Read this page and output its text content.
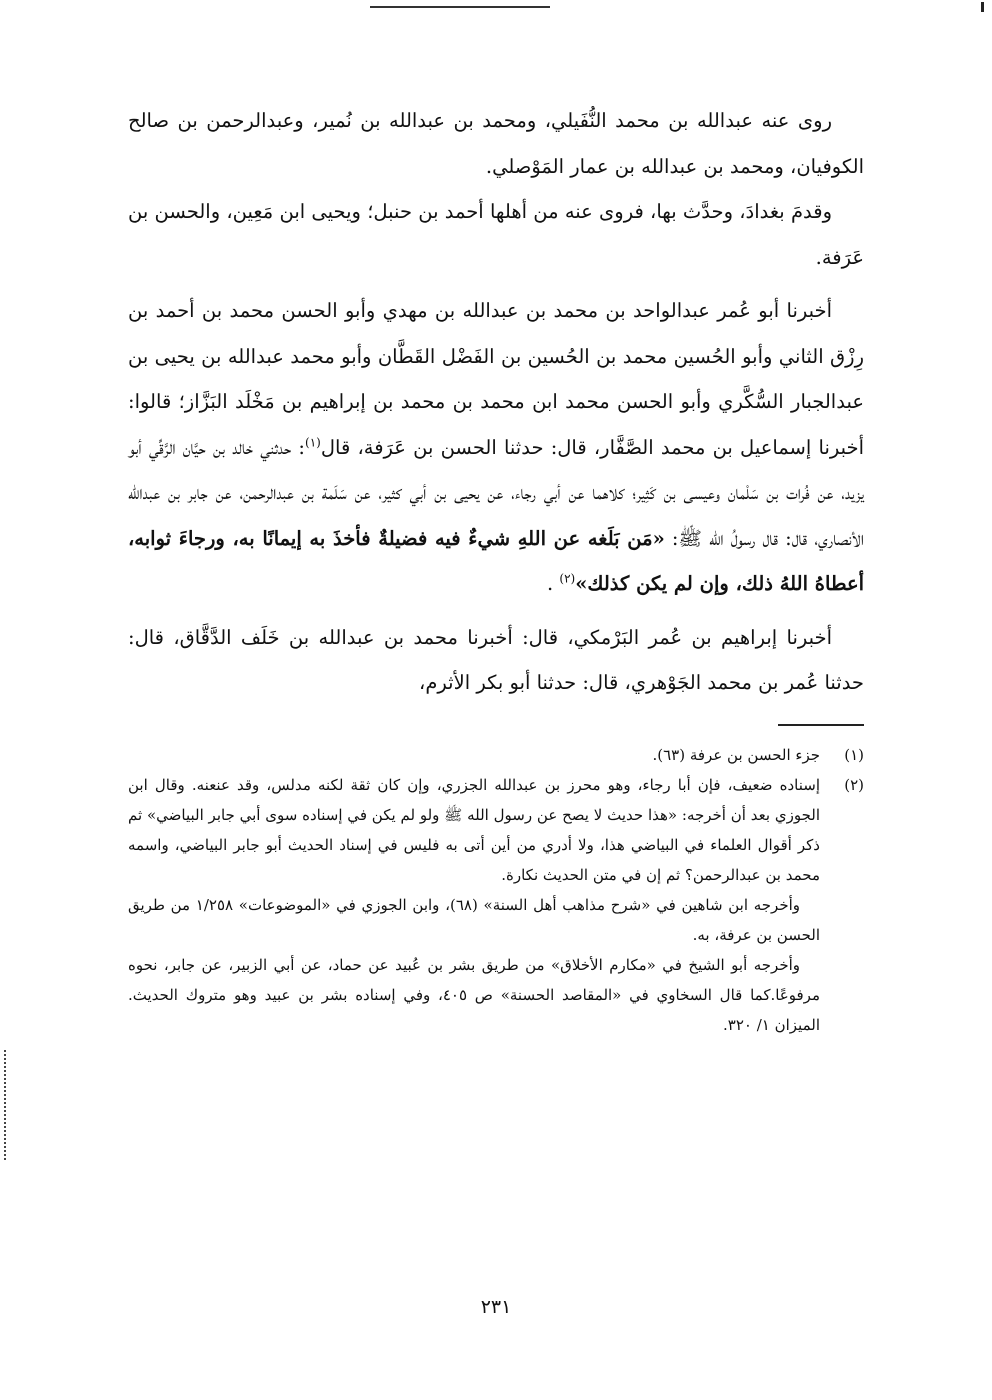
روى عنه عبدالله بن محمد النُّفَيلي، ومحمد بن عبدالله بن نُمير، وعبدالرحمن بن صالح الكوفيان، ومحمد بن عبدالله بن عمار المَوْصلي.

وقدمَ بغدادَ، وحدَّث بها، فروى عنه من أهلها أحمد بن حنبل؛ ويحيى ابن مَعِين، والحسن بن عَرَفة.

أخبرنا أبو عُمر عبدالواحد بن محمد بن عبدالله بن مهدي وأبو الحسن محمد بن أحمد بن رِزْق الثاني وأبو الحُسين محمد بن الحُسين بن الفَضْل القَطَّان وأبو محمد عبدالله بن يحيى بن عبدالجبار السُّكَّري وأبو الحسن محمد ابن محمد بن محمد بن إبراهيم بن مَخْلَد البَزَّاز؛ قالوا: أخبرنا إسماعيل بن محمد الصَّفَّار، قال: حدثنا الحسن بن عَرَفة، قال$^{(١)}$: حدثني خالد بن حيَّان الرَّقِّي أبو يزيد، عن فُرات بن سَلْمان وعيسى بن كَثِير؛ كلاهما عن أبي رجاء، عن يحيى بن أبي كثير، عن سَلَمة بن عبدالرحمن، عن جابر بن عبدالله الأنصاري، قال: قال رسولُ الله ﷺ: «مَن بَلَغه عن اللهِ شيءٌ فيه فضيلةٌ فأخذَ به إيمانًا به، ورجاءَ ثوابه، أعطاهُ اللهُ ذلك، وإن لم يكن كذلك»$^{(٢)}$ .

أخبرنا إبراهيم بن عُمر البَرْمكي، قال: أخبرنا محمد بن عبدالله بن خَلَف الدَّقَّاق، قال: حدثنا عُمر بن محمد الجَوْهري، قال: حدثنا أبو بكر الأثرم،

(١)

جزء الحسن بن عرفة (٦٣).

(٢)

إسناده ضعيف، فإن أبا رجاء، وهو محرز بن عبدالله الجزري، وإن كان ثقة لكنه مدلس، وقد عنعنه. وقال ابن الجوزي بعد أن أخرجه: «هذا حديث لا يصح عن رسول الله ﷺ ولو لم يكن في إسناده سوى أبي جابر البياضي» ثم ذكر أقوال العلماء في البياضي هذا، ولا أدري من أين أتى به فليس في إسناد الحديث أبو جابر البياضي، واسمه محمد بن عبدالرحمن؟ ثم إن في متن الحديث نكارة.

وأخرجه ابن شاهين في «شرح مذاهب أهل السنة» (٦٨)، وابن الجوزي في «الموضوعات» ١/٢٥٨ من طريق الحسن بن عرفة، به.

وأخرجه أبو الشيخ في «مكارم الأخلاق» من طريق بشر بن عُبيد عن حماد، عن أبي الزبير، عن جابر، نحوه مرفوعًا.كما قال السخاوي في «المقاصد الحسنة» ص ٤٠٥، وفي إسناده بشر بن عبيد وهو متروك الحديث. الميزان ١/ ٣٢٠.

٢٣١
